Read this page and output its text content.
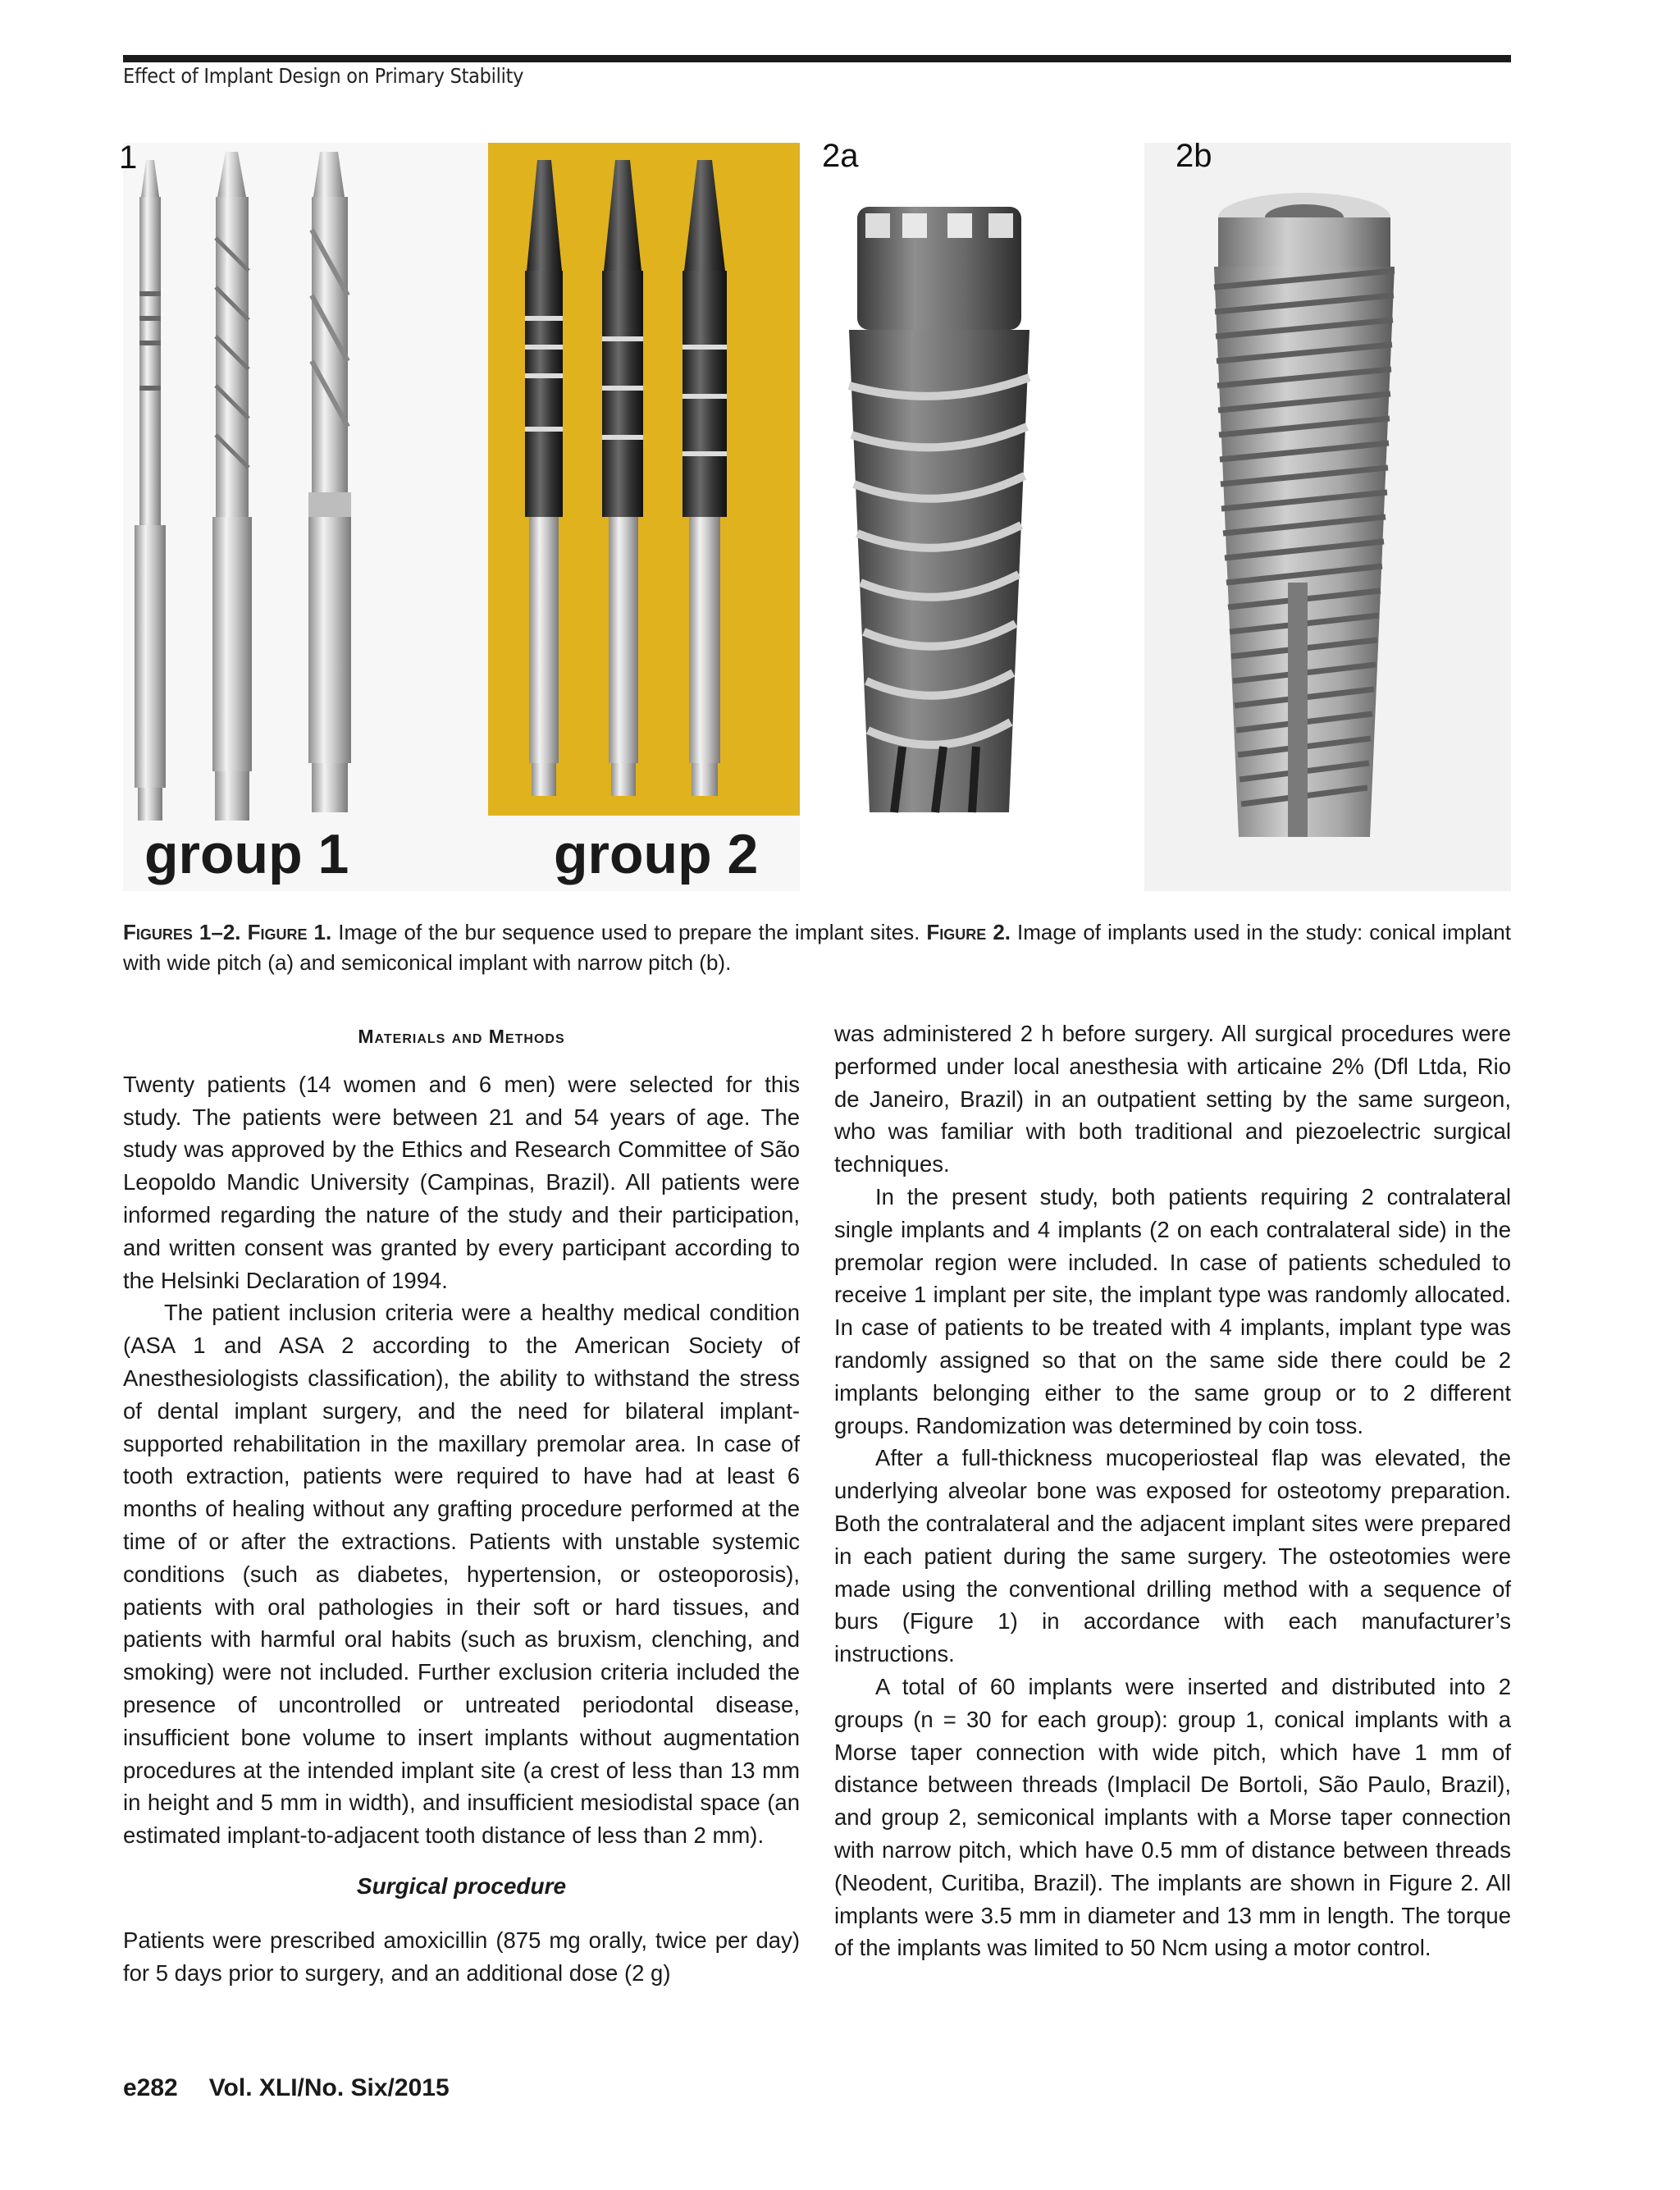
Effect of Implant Design on Primary Stability
1	2a	2b
group 1	group 2
Figures 1–2. Figure 1. Image of the bur sequence used to prepare the implant sites. Figure 2. Image of implants used in the study: conical implant with wide pitch (a) and semiconical implant with narrow pitch (b).
Materials and Methods

Twenty patients (14 women and 6 men) were selected for this study. The patients were between 21 and 54 years of age. The study was approved by the Ethics and Research Committee of São Leopoldo Mandic University (Campinas, Brazil). All patients were informed regarding the nature of the study and their participation, and written consent was granted by every participant according to the Helsinki Declaration of 1994.

The patient inclusion criteria were a healthy medical condition (ASA 1 and ASA 2 according to the American Society of Anesthesiologists classification), the ability to withstand the stress of dental implant surgery, and the need for bilateral implant-supported rehabilitation in the maxillary premolar area. In case of tooth extraction, patients were required to have had at least 6 months of healing without any grafting procedure performed at the time of or after the extractions. Patients with unstable systemic conditions (such as diabetes, hypertension, or osteoporosis), patients with oral pathologies in their soft or hard tissues, and patients with harmful oral habits (such as bruxism, clenching, and smoking) were not included. Further exclusion criteria included the presence of uncontrolled or untreated periodontal disease, insufficient bone volume to insert implants without augmentation procedures at the intended implant site (a crest of less than 13 mm in height and 5 mm in width), and insufficient mesiodistal space (an estimated implant-to-adjacent tooth distance of less than 2 mm).

Surgical procedure

Patients were prescribed amoxicillin (875 mg orally, twice per day) for 5 days prior to surgery, and an additional dose (2 g)

was administered 2 h before surgery. All surgical procedures were performed under local anesthesia with articaine 2% (Dfl Ltda, Rio de Janeiro, Brazil) in an outpatient setting by the same surgeon, who was familiar with both traditional and piezoelectric surgical techniques.

In the present study, both patients requiring 2 contralateral single implants and 4 implants (2 on each contralateral side) in the premolar region were included. In case of patients scheduled to receive 1 implant per site, the implant type was randomly allocated. In case of patients to be treated with 4 implants, implant type was randomly assigned so that on the same side there could be 2 implants belonging either to the same group or to 2 different groups. Randomization was determined by coin toss.

After a full-thickness mucoperiosteal flap was elevated, the underlying alveolar bone was exposed for osteotomy preparation. Both the contralateral and the adjacent implant sites were prepared in each patient during the same surgery. The osteotomies were made using the conventional drilling method with a sequence of burs (Figure 1) in accordance with each manufacturer’s instructions.

A total of 60 implants were inserted and distributed into 2 groups (n = 30 for each group): group 1, conical implants with a Morse taper connection with wide pitch, which have 1 mm of distance between threads (Implacil De Bortoli, São Paulo, Brazil), and group 2, semiconical implants with a Morse taper connection with narrow pitch, which have 0.5 mm of distance between threads (Neodent, Curitiba, Brazil). The implants are shown in Figure 2. All implants were 3.5 mm in diameter and 13 mm in length. The torque of the implants was limited to 50 Ncm using a motor control.

e282 Vol. XLI/No. Six/2015
